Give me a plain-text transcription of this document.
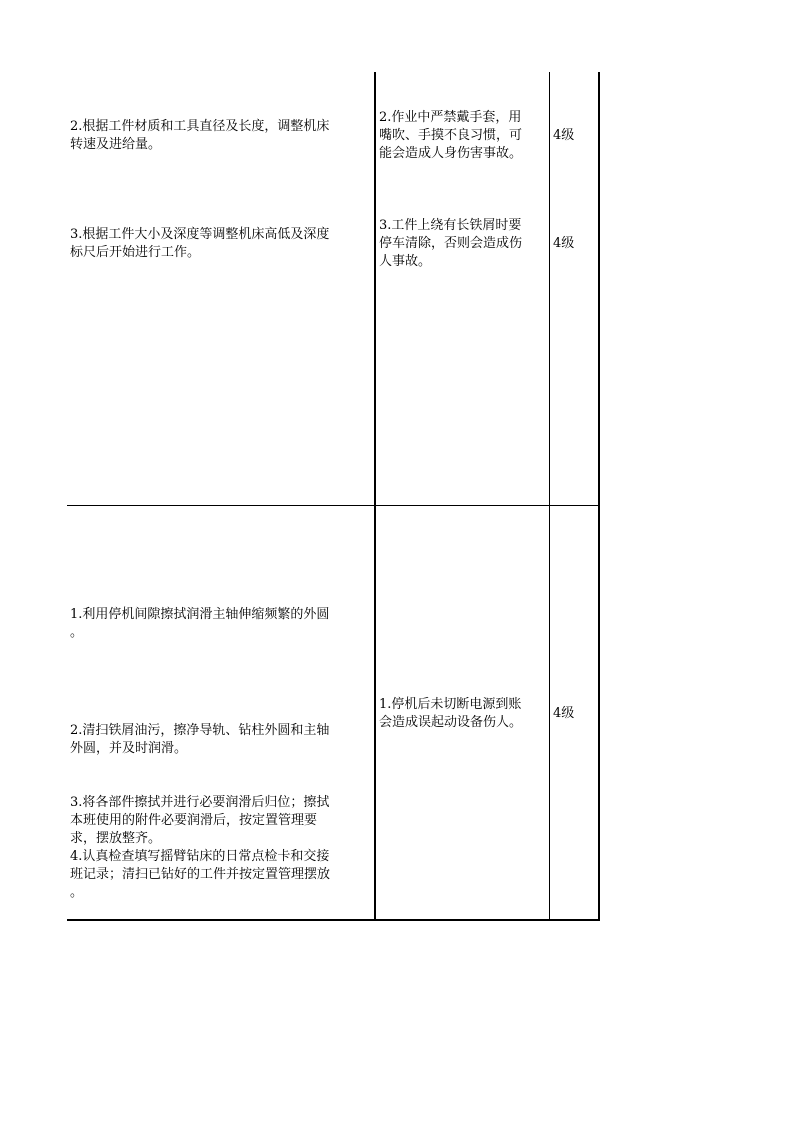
2.根据工件材质和工具直径及长度，调整机床
转速及进给量。
3.根据工件大小及深度等调整机床高低及深度
标尺后开始进行工作。
2.作业中严禁戴手套，用
嘴吹、手摸不良习惯，可
能会造成人身伤害事故。
3.工件上绕有长铁屑时要
停车清除，否则会造成伤
人事故。
4级
4级
1.利用停机间隙擦拭润滑主轴伸缩频繁的外圆
。
2.清扫铁屑油污，擦净导轨、钻柱外圆和主轴
外圆，并及时润滑。
3.将各部件擦拭并进行必要润滑后归位；擦拭
本班使用的附件必要润滑后，按定置管理要
求，摆放整齐。
4.认真检查填写摇臂钻床的日常点检卡和交接
班记录；清扫已钻好的工件并按定置管理摆放
。
1.停机后未切断电源到账
会造成误起动设备伤人。
4级
